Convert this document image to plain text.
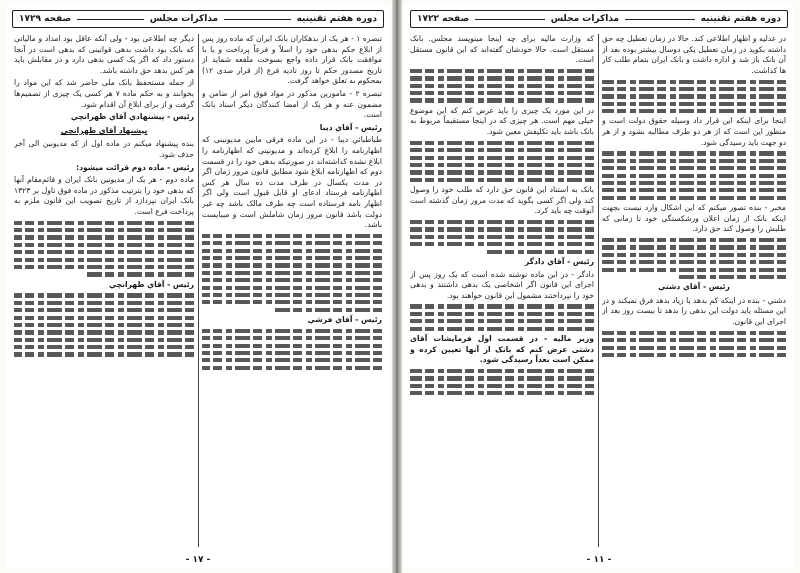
دوره هفتم تقنینیه
مذاکرات مجلس
صفحه ۱۷۲۹

تبصره ۱ - هر یک از بدهکاران بانک ایران که ماده روز پس از ابلاغ حکم بدهی خود را اسلاً و فرعاً پرداخت و یا با موافقت بانک قرار داده واجع بسوخت ملفعه شمايد از تاريخ مصدور حكم تا روز تاديه فرع (از قرار صدی ۱۲) بمحکوم به تعلق خواهد گرفت.

تبصره ۲ - مامورين مذکور در مواد فوق امر از ضامن و مضمون عنه و هر یک از امضا کنندگان دیگر اسناد بانک است.

رئيس - آقاي ديبا

طباطبائي ديبا - در این ماده فرقی مابین مدیونینی که اظهارنامه را ابلاغ کرده‌اند و مدیونینی که اظهارنامه را ابلاغ نشده کذاشته‌اند در صورتیکه بدهی خود را در قسمت دوم که اظهارنامه ابلاغ شود مطابق قانون مرور زمان اگر در مدت یکسال در ظرف مدت ده سال هر کس اظهارنامه فرستاد ادعای او قابل قبول است ولی اگر اظهار نامه فرستاده است چه طرف مالک باشد چه غیر دولت باشد قانون مرور زمان شاملش است و میبایست باشد.

رئيس - آقاي فرشي

دیگر چه اطلاعی بود - ولی آنکه عاقل بود امداد و مالیاتی که بانک بود داشت بدهی قوانینی که بدهی است در آنجا دستور داد که اگر یک کسی بدهی دارد و در مقابلش باید هر کس بدهد حق داشته باشد.

از جمله مستحفظ بانک ملی حاضر شد که این مواد را بخوانند و به حکم ماده ۷ هر کسی یک چیزی از تصمیم‌ها گرفت و از برای ابلاغ آن اقدام شود.

رئيس - پيشنهادي آقاي طهرانچي

پيشنهاد آقاي طهرانچي

بنده پیشنهاد میکنم در ماده اول از که مدیونین الی آخر حذف شود.

رئيس - ماده دوم قرائت میشود:

ماده دوم - هر یک از مدیونین بانک ایران و قائم‌مقام آنها که بدهی خود را بترتیب مذکور در ماده فوق تاول بر ۱۳۲۳ بانک ایران نپردازد از تاریخ تصویب این قانون ملزم به پرداخت فرع است.

رئيس - آقاي طهرانچي

- ۱۷ -
دوره هفتم تقنینیه
مذاکرات مجلس
صفحه ۱۷۲۲

در عدلیه و اظهار اطلاعی کند. حالا در زمان تعطیل چه حق داشته بکوید در زمان تعطیل یکی دوسال بیشتر بوده بعد از آن بانک باز شد و اداره داشت و بانک ایران بتمام طلب کار ها کذاشت.

اینجا برای اینکه این قرار داد وسیله حقوق دولت است و منظور این است که از هر دو طرف مطالبه بشود و از هر دو جهت باید رسیدگی شود.

مخبر - بنده تصور میکنم که این اشکال وارد نیست بجهت اینکه بانک از زمان اعلان ورشکستگی خود تا زمانی که طلبش را وصول کند حق دارد.

رئيس - آقاي دشتي

دشتي - بنده در اینکه کم بدهد یا زیاد بدهد فرق نمیکند و در این مسئله باید دولت این بدهی را بدهد تا بیست روز بعد از اجرای این قانون.

که وزارت مالیه برای چه اینجا مینویسد مجلس. بانک مستقل است. حالا خودشان گفته‌اند که این قانون مستقل است.

در این مورد یک چیزی را باید عرض کنم که این موضوع خیلی مهم است. هر چیزی که در اینجا مستقیماً مربوط به بانک باشد باید تکلیفش معین شود.

بانک به استناد این قانون حق دارد که طلب خود را وصول کند ولی اگر کسی بگوید که مدت مرور زمان گذشته است آنوقت چه باید کرد.

رئيس - آقاي دادگر

دادگر - در این ماده نوشته شده است که یک روز پس از اجرای این قانون اگر اشخاصی یک بدهی داشتند و بدهی خود را نپرداختند مشمول این قانون خواهند بود.

وزير ماليه - در قسمت اول فرمایشات آقای دشتی عرض کنم که بانک از آنها تعیین کرده و ممکن است بعداً رسیدگی شود.

- ۱۱ -
